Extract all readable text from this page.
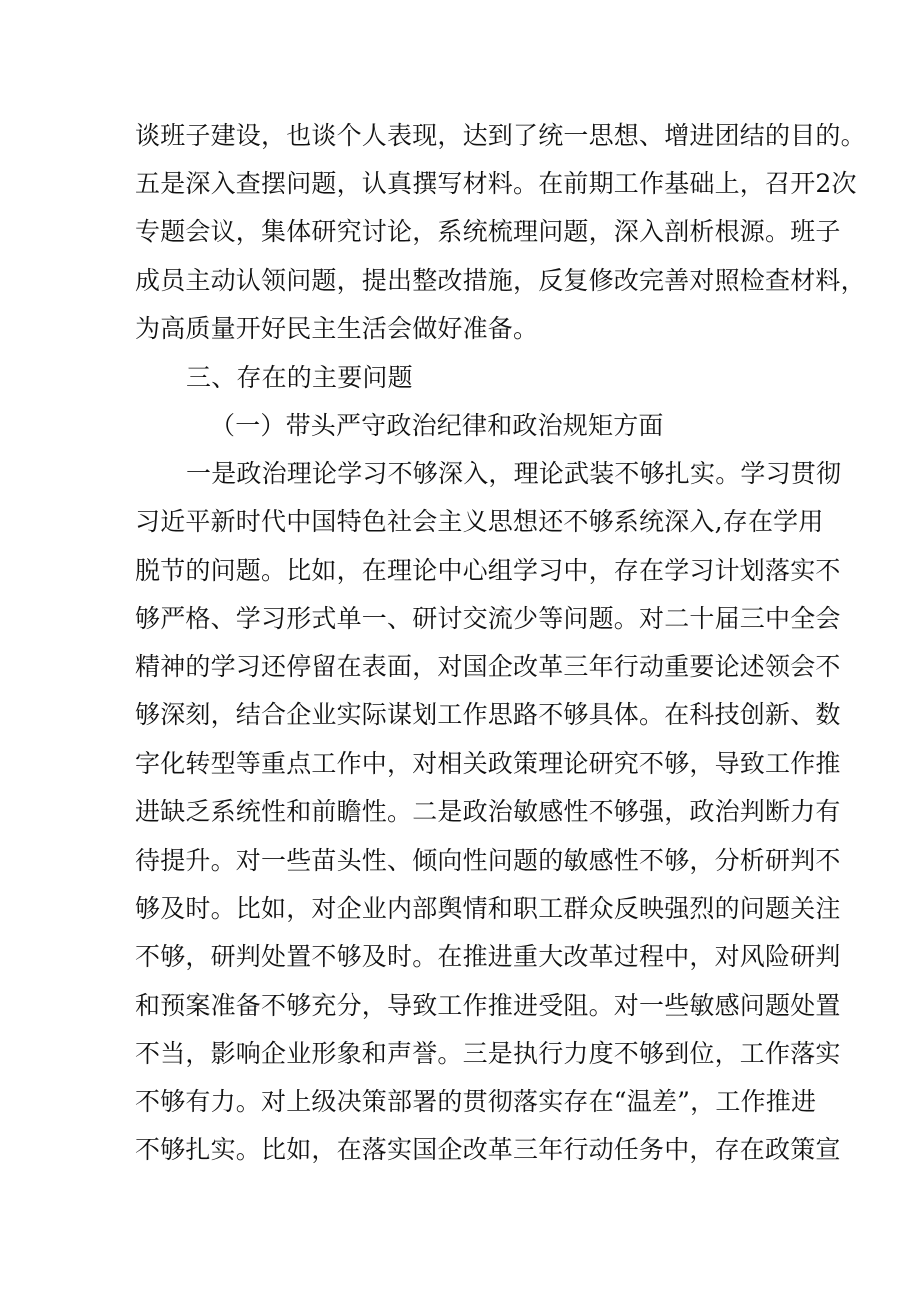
谈班子建设，也谈个人表现，达到了统一思想、增进团结的目的。
五是深入查摆问题，认真撰写材料。在前期工作基础上，召开2次
专题会议，集体研究讨论，系统梳理问题，深入剖析根源。班子
成员主动认领问题，提出整改措施，反复修改完善对照检查材料，
为高质量开好民主生活会做好准备。
三、存在的主要问题
（一）带头严守政治纪律和政治规矩方面
一是政治理论学习不够深入，理论武装不够扎实。学习贯彻
习近平新时代中国特色社会主义思想还不够系统深入,存在学用
脱节的问题。比如，在理论中心组学习中，存在学习计划落实不
够严格、学习形式单一、研讨交流少等问题。对二十届三中全会
精神的学习还停留在表面，对国企改革三年行动重要论述领会不
够深刻，结合企业实际谋划工作思路不够具体。在科技创新、数
字化转型等重点工作中，对相关政策理论研究不够，导致工作推
进缺乏系统性和前瞻性。二是政治敏感性不够强，政治判断力有
待提升。对一些苗头性、倾向性问题的敏感性不够，分析研判不
够及时。比如，对企业内部舆情和职工群众反映强烈的问题关注
不够，研判处置不够及时。在推进重大改革过程中，对风险研判
和预案准备不够充分，导致工作推进受阻。对一些敏感问题处置
不当，影响企业形象和声誉。三是执行力度不够到位，工作落实
不够有力。对上级决策部署的贯彻落实存在“温差”，工作推进
不够扎实。比如，在落实国企改革三年行动任务中，存在政策宣
